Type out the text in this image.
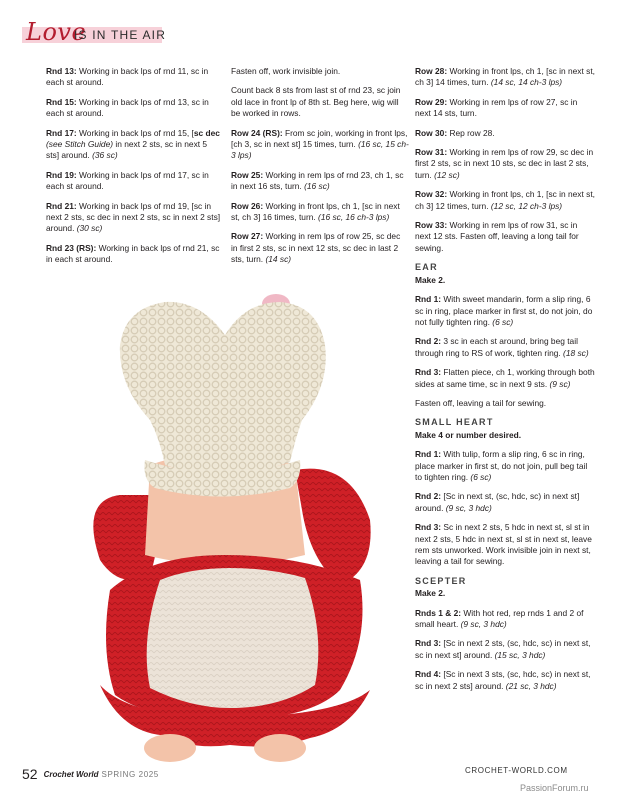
Love
IS IN THE AIR
Rnd 13: Working in back lps of rnd 11, sc in each st around.
Rnd 15: Working in back lps of rnd 13, sc in each st around.
Rnd 17: Working in back lps of rnd 15, [sc dec (see Stitch Guide) in next 2 sts, sc in next 5 sts] around. (36 sc)
Rnd 19: Working in back lps of rnd 17, sc in each st around.
Rnd 21: Working in back lps of rnd 19, [sc in next 2 sts, sc dec in next 2 sts, sc in next 2 sts] around. (30 sc)
Rnd 23 (RS): Working in back lps of rnd 21, sc in each st around.
Fasten off, work invisible join.
Count back 8 sts from last st of rnd 23, sc join old lace in front lp of 8th st. Beg here, wig will be worked in rows.
Row 24 (RS): From sc join, working in front lps, [ch 3, sc in next st] 15 times, turn. (16 sc, 15 ch-3 lps)
Row 25: Working in rem lps of rnd 23, ch 1, sc in next 16 sts, turn. (16 sc)
Row 26: Working in front lps, ch 1, [sc in next st, ch 3] 16 times, turn. (16 sc, 16 ch-3 lps)
Row 27: Working in rem lps of row 25, sc dec in first 2 sts, sc in next 12 sts, sc dec in last 2 sts, turn. (14 sc)
Row 28: Working in front lps, ch 1, [sc in next st, ch 3] 14 times, turn. (14 sc, 14 ch-3 lps)
Row 29: Working in rem lps of row 27, sc in next 14 sts, turn.
Row 30: Rep row 28.
Row 31: Working in rem lps of row 29, sc dec in first 2 sts, sc in next 10 sts, sc dec in last 2 sts, turn. (12 sc)
Row 32: Working in front lps, ch 1, [sc in next st, ch 3] 12 times, turn. (12 sc, 12 ch-3 lps)
Row 33: Working in rem lps of row 31, sc in next 12 sts. Fasten off, leaving a long tail for sewing.
EAR
Make 2.
Rnd 1: With sweet mandarin, form a slip ring, 6 sc in ring, place marker in first st, do not join, do not fully tighten ring. (6 sc)
Rnd 2: 3 sc in each st around, bring beg tail through ring to RS of work, tighten ring. (18 sc)
Rnd 3: Flatten piece, ch 1, working through both sides at same time, sc in next 9 sts. (9 sc)
Fasten off, leaving a tail for sewing.
SMALL HEART
Make 4 or number desired.
Rnd 1: With tulip, form a slip ring, 6 sc in ring, place marker in first st, do not join, pull beg tail to tighten ring. (6 sc)
Rnd 2: [Sc in next st, (sc, hdc, sc) in next st] around. (9 sc, 3 hdc)
Rnd 3: Sc in next 2 sts, 5 hdc in next st, sl st in next 2 sts, 5 hdc in next st, sl st in next st, leave rem sts unworked. Work invisible join in next st, leaving a tail for sewing.
SCEPTER
Make 2.
Rnds 1 & 2: With hot red, rep rnds 1 and 2 of small heart. (9 sc, 3 hdc)
Rnd 3: [Sc in next 2 sts, (sc, hdc, sc) in next st, sc in next st] around. (15 sc, 3 hdc)
Rnd 4: [Sc in next 3 sts, (sc, hdc, sc) in next st, sc in next 2 sts] around. (21 sc, 3 hdc)
52 Crochet World SPRING 2025	CROCHET-WORLD.COM
PassionForum.ru
